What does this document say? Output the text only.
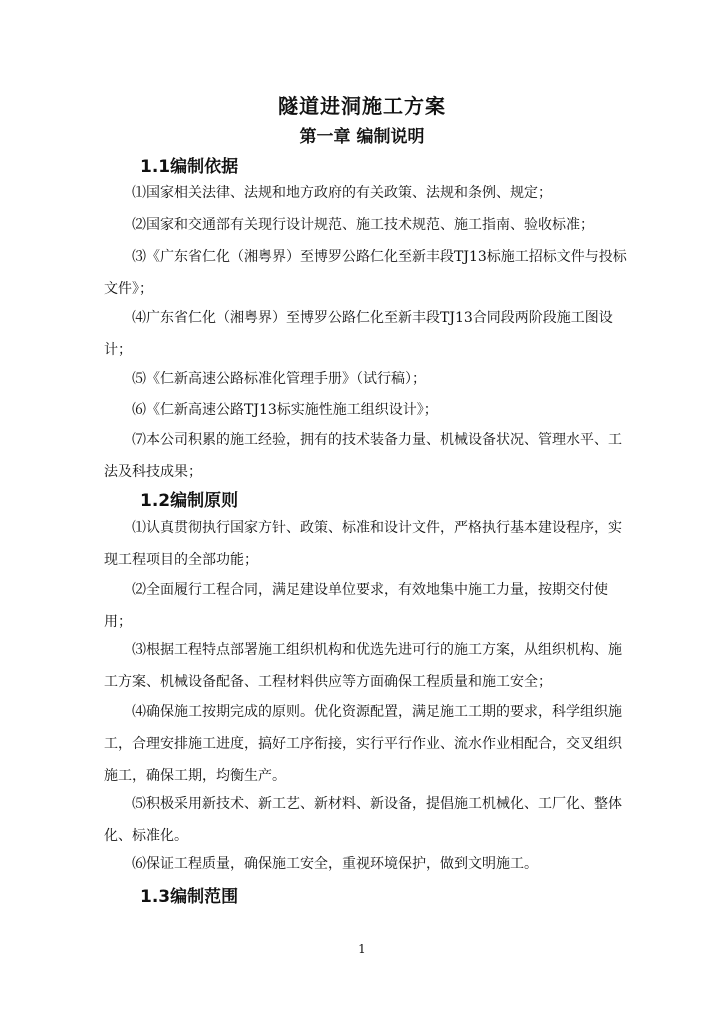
隧道进洞施工方案
第一章 编制说明
1.1编制依据
⑴国家相关法律、法规和地方政府的有关政策、法规和条例、规定；
⑵国家和交通部有关现行设计规范、施工技术规范、施工指南、验收标准；
⑶《广东省仁化（湘粤界）至博罗公路仁化至新丰段TJ13标施工招标文件与投标文件》；
⑷广东省仁化（湘粤界）至博罗公路仁化至新丰段TJ13合同段两阶段施工图设计；
⑸《仁新高速公路标准化管理手册》（试行稿）；
⑹《仁新高速公路TJ13标实施性施工组织设计》；
⑺本公司积累的施工经验，拥有的技术装备力量、机械设备状况、管理水平、工法及科技成果；
1.2编制原则
⑴认真贯彻执行国家方针、政策、标准和设计文件，严格执行基本建设程序，实现工程项目的全部功能；
⑵全面履行工程合同，满足建设单位要求，有效地集中施工力量，按期交付使用；
⑶根据工程特点部署施工组织机构和优选先进可行的施工方案，从组织机构、施工方案、机械设备配备、工程材料供应等方面确保工程质量和施工安全；
⑷确保施工按期完成的原则。优化资源配置，满足施工工期的要求，科学组织施工，合理安排施工进度，搞好工序衔接，实行平行作业、流水作业相配合，交叉组织施工，确保工期，均衡生产。
⑸积极采用新技术、新工艺、新材料、新设备，提倡施工机械化、工厂化、整体化、标准化。
⑹保证工程质量，确保施工安全，重视环境保护，做到文明施工。
1.3编制范围
1
